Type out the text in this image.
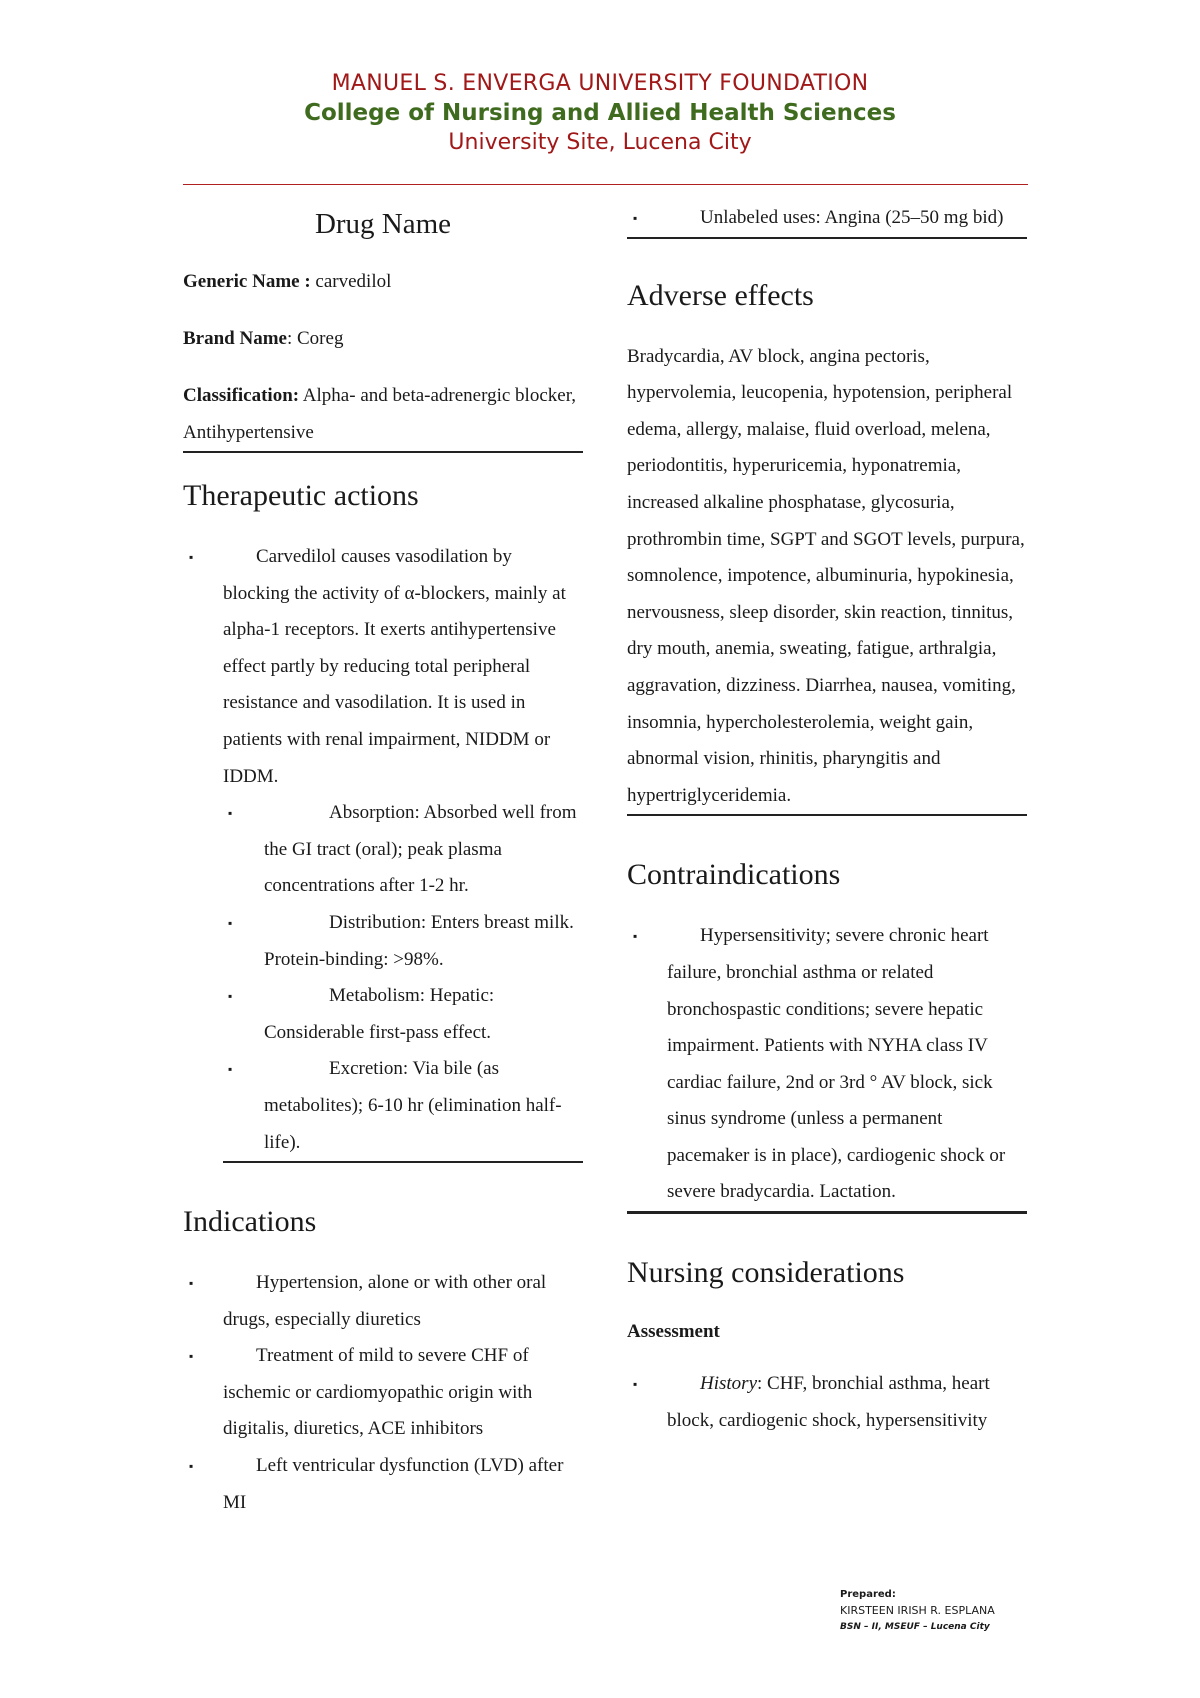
MANUEL S. ENVERGA UNIVERSITY FOUNDATION
College of Nursing and Allied Health Sciences
University Site, Lucena City
Drug Name
Generic Name : carvedilol
Brand Name: Coreg
Classification: Alpha- and beta-adrenergic blocker, Antihypertensive
Therapeutic actions
▪	Carvedilol causes vasodilation by blocking the activity of α-blockers, mainly at alpha-1 receptors. It exerts antihypertensive effect partly by reducing total peripheral resistance and vasodilation. It is used in patients with renal impairment, NIDDM or IDDM.
▪	Absorption: Absorbed well from the GI tract (oral); peak plasma concentrations after 1-2 hr.
▪	Distribution: Enters breast milk. Protein-binding: >98%.
▪	Metabolism: Hepatic: Considerable first-pass effect.
▪	Excretion: Via bile (as metabolites); 6-10 hr (elimination half-life).
Indications
▪	Hypertension, alone or with other oral drugs, especially diuretics
▪	Treatment of mild to severe CHF of ischemic or cardiomyopathic origin with digitalis, diuretics, ACE inhibitors
▪	Left ventricular dysfunction (LVD) after MI
▪	Unlabeled uses: Angina (25–50 mg bid)
Adverse effects
Bradycardia, AV block, angina pectoris, hypervolemia, leucopenia, hypotension, peripheral edema, allergy, malaise, fluid overload, melena, periodontitis, hyperuricemia, hyponatremia, increased alkaline phosphatase, glycosuria, prothrombin time, SGPT and SGOT levels, purpura, somnolence, impotence, albuminuria, hypokinesia, nervousness, sleep disorder, skin reaction, tinnitus, dry mouth, anemia, sweating, fatigue, arthralgia, aggravation, dizziness. Diarrhea, nausea, vomiting, insomnia, hypercholesterolemia, weight gain, abnormal vision, rhinitis, pharyngitis and hypertriglyceridemia.
Contraindications
▪	Hypersensitivity; severe chronic heart failure, bronchial asthma or related bronchospastic conditions; severe hepatic impairment. Patients with NYHA class IV cardiac failure, 2nd or 3rd ° AV block, sick sinus syndrome (unless a permanent pacemaker is in place), cardiogenic shock or severe bradycardia. Lactation.
Nursing considerations
Assessment
▪	History: CHF, bronchial asthma, heart block, cardiogenic shock, hypersensitivity
Prepared:
KIRSTEEN IRISH R. ESPLANA
BSN – II, MSEUF – Lucena City
